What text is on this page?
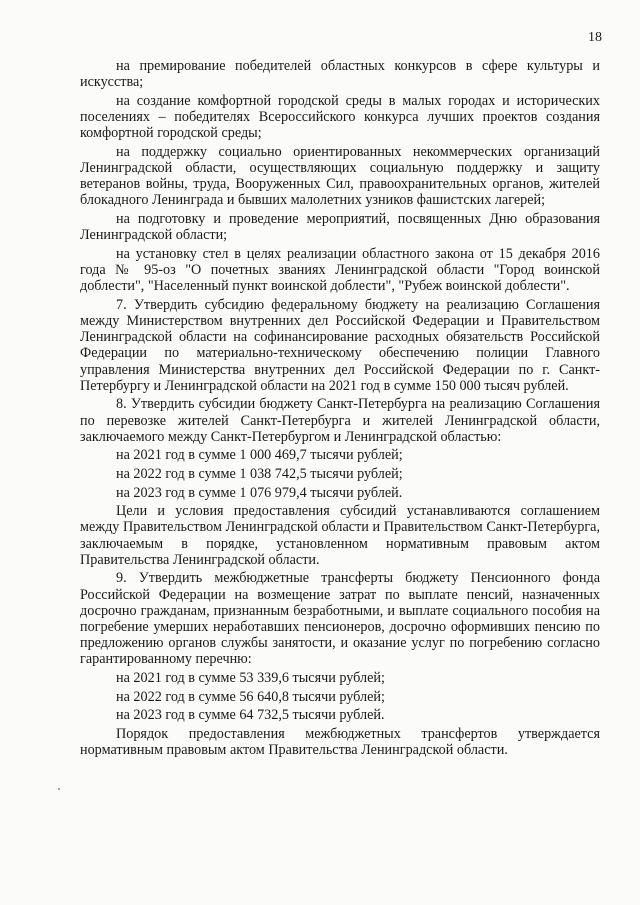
18

на премирование победителей областных конкурсов в сфере культуры и искусства;

на создание комфортной городской среды в малых городах и исторических поселениях – победителях Всероссийского конкурса лучших проектов создания комфортной городской среды;

на поддержку социально ориентированных некоммерческих организаций Ленинградской области, осуществляющих социальную поддержку и защиту ветеранов войны, труда, Вооруженных Сил, правоохранительных органов, жителей блокадного Ленинграда и бывших малолетних узников фашистских лагерей;

на подготовку и проведение мероприятий, посвященных Дню образования Ленинградской области;

на установку стел в целях реализации областного закона от 15 декабря 2016 года № 95-оз "О почетных званиях Ленинградской области "Город воинской доблести", "Населенный пункт воинской доблести", "Рубеж воинской доблести".

7. Утвердить субсидию федеральному бюджету на реализацию Соглашения между Министерством внутренних дел Российской Федерации и Правительством Ленинградской области на софинансирование расходных обязательств Российской Федерации по материально-техническому обеспечению полиции Главного управления Министерства внутренних дел Российской Федерации по г. Санкт-Петербургу и Ленинградской области на 2021 год в сумме 150 000 тысяч рублей.

8. Утвердить субсидии бюджету Санкт-Петербурга на реализацию Соглашения по перевозке жителей Санкт-Петербурга и жителей Ленинградской области, заключаемого между Санкт-Петербургом и Ленинградской областью:

на 2021 год в сумме 1 000 469,7 тысячи рублей;

на 2022 год в сумме 1 038 742,5 тысячи рублей;

на 2023 год в сумме 1 076 979,4 тысячи рублей.

Цели и условия предоставления субсидий устанавливаются соглашением между Правительством Ленинградской области и Правительством Санкт-Петербурга, заключаемым в порядке, установленном нормативным правовым актом Правительства Ленинградской области.

9. Утвердить межбюджетные трансферты бюджету Пенсионного фонда Российской Федерации на возмещение затрат по выплате пенсий, назначенных досрочно гражданам, признанным безработными, и выплате социального пособия на погребение умерших неработавших пенсионеров, досрочно оформивших пенсию по предложению органов службы занятости, и оказание услуг по погребению согласно гарантированному перечню:

на 2021 год в сумме 53 339,6 тысячи рублей;

на 2022 год в сумме 56 640,8 тысячи рублей;

на 2023 год в сумме 64 732,5 тысячи рублей.

Порядок предоставления межбюджетных трансфертов утверждается нормативным правовым актом Правительства Ленинградской области.
